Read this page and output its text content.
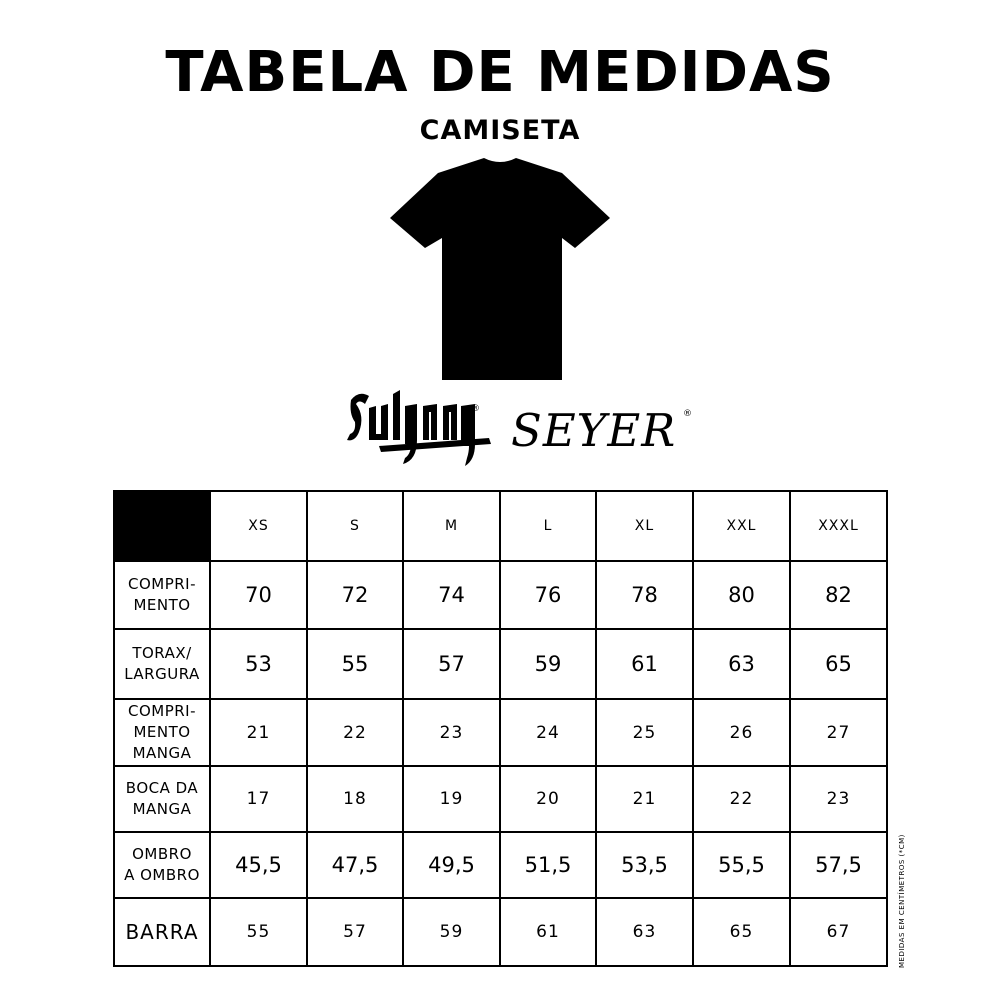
TABELA DE MEDIDAS
CAMISETA
® SEYER ®
	XS	S	M	L	XL	XXL	XXXL
COMPRI-
MENTO	70	72	74	76	78	80	82
TORAX/
LARGURA	53	55	57	59	61	63	65
COMPRI-
MENTO
MANGA	21	22	23	24	25	26	27
BOCA DA
MANGA	17	18	19	20	21	22	23
OMBRO
A OMBRO	45,5	47,5	49,5	51,5	53,5	55,5	57,5
BARRA	55	57	59	61	63	65	67	MEDIDAS EM CENTÍMETROS (*CM)
